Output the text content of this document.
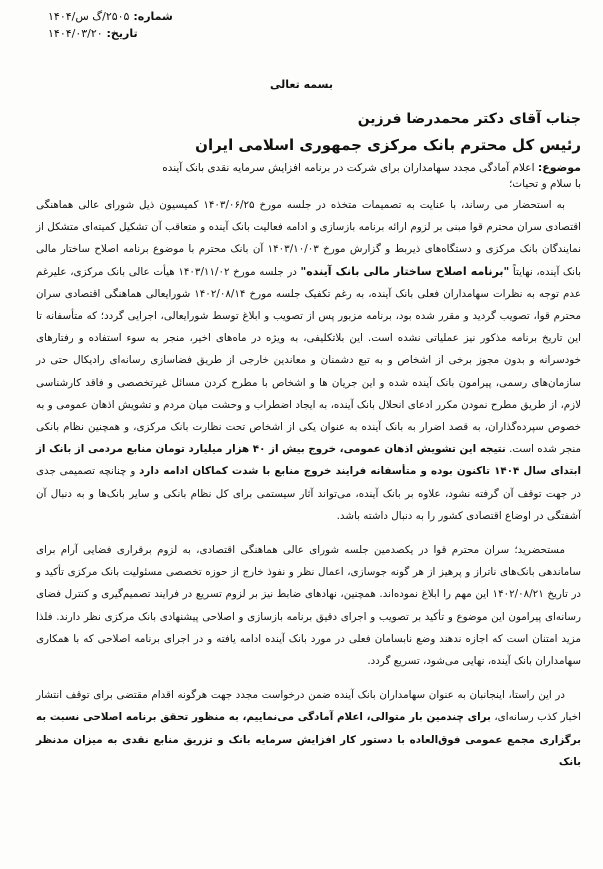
شماره: ۲۵۰۵/گ س/۱۴۰۴
تاریخ: ۱۴۰۴/۰۳/۲۰
بسمه تعالی
جناب آقای دکتر محمدرضا فرزین
رئیس کل محترم بانک مرکزی جمهوری اسلامی ایران
موضوع: اعلام آمادگی مجدد سهامداران برای شرکت در برنامه افزایش سرمایه نقدی بانک آینده
با سلام و تحیات؛

به استحضار می رساند، با عنایت به تصمیمات متخذه در جلسه مورخ ۱۴۰۳/۰۶/۲۵ کمیسیون ذیل شورای عالی هماهنگی اقتصادی سران محترم قوا مبنی بر لزوم ارائه برنامه بازسازی و ادامه فعالیت بانک آینده و متعاقب آن تشکیل کمیته‌ای متشکل از نمایندگان بانک مرکزی و دستگاه‌های ذیربط و گزارش مورخ ۱۴۰۳/۱۰/۰۳ آن بانک محترم با موضوع برنامه اصلاح ساختار مالی بانک آینده، نهایتاً "برنامه اصلاح ساختار مالی بانک آینده" در جلسه مورخ ۱۴۰۳/۱۱/۰۲ هیأت عالی بانک مرکزی، علیرغم عدم توجه به نظرات سهامداران فعلی بانک آینده، به رغم تکفیک جلسه مورخ ۱۴۰۲/۰۸/۱۴ شورایعالی هماهنگی اقتصادی سران محترم قوا، تصویب گردید و مقرر شده بود، برنامه مزبور پس از تصویب و ابلاغ توسط شورایعالی، اجرایی گردد؛ که متأسفانه تا این تاریخ برنامه مذکور نیز عملیاتی نشده است. این بلاتکلیفی، به ویژه در ماه‌های اخیر، منجر به سوء استفاده و رفتارهای خودسرانه و بدون مجوز برخی از اشخاص و به تبع دشمنان و معاندین خارجی از طریق فضاسازی رسانه‌ای رادیکال حتی در سازمان‌های رسمی، پیرامون بانک آینده شده و این جریان ها و اشخاص با مطرح کردن مسائل غیرتخصصی و فاقد کارشناسی لازم، از طریق مطرح نمودن مکرر ادعای انحلال بانک آینده، به ایجاد اضطراب و وحشت میان مردم و تشویش اذهان عمومی و به خصوص سپرده‌گذاران، به قصد اضرار به بانک آینده به عنوان یکی از اشخاص تحت نظارت بانک مرکزی، و همچنین نظام بانکی منجر شده است. نتیجه این تشویش اذهان عمومی، خروج بیش از ۴۰ هزار میلیارد تومان منابع مردمی از بانک از ابتدای سال ۱۴۰۴ تاکنون بوده و متأسفانه فرایند خروج منابع با شدت کماکان ادامه دارد و چنانچه تصمیمی جدی در جهت توقف آن گرفته نشود، علاوه بر بانک آینده، می‌تواند آثار سیستمی برای کل نظام بانکی و سایر بانک‌ها و به دنبال آن آشفتگی در اوضاع اقتصادی کشور را به دنبال داشته باشد.

مستحضرید؛ سران محترم قوا در یکصدمین جلسه شورای عالی هماهنگی اقتصادی، به لزوم برقراری فضایی آرام برای ساماندهی بانک‌های ناتراز و پرهیز از هر گونه جوسازی، اعمال نظر و نفوذ خارج از حوزه تخصصی مسئولیت بانک مرکزی تأکید و در تاریخ ۱۴۰۲/۰۸/۲۱ این مهم را ابلاغ نموده‌اند. همچنین، نهادهای ضابط نیز بر لزوم تسریع در فرایند تصمیم‌گیری و کنترل فضای رسانه‌ای پیرامون این موضوع و تأکید بر تصویب و اجرای دقیق برنامه بازسازی و اصلاحی پیشنهادی بانک مرکزی نظر دارند. فلذا مزید امتنان است که اجازه ندهند وضع نابسامان فعلی در مورد بانک آینده ادامه یافته و در اجرای برنامه اصلاحی که با همکاری سهامداران بانک آینده، نهایی می‌شود، تسریع گردد.

در این راستا، اینجانبان به عنوان سهامداران بانک آینده ضمن درخواست مجدد جهت هرگونه اقدام مقتضی برای توقف انتشار اخبار کذب رسانه‌ای، برای چندمین بار متوالی، اعلام آمادگی می‌نماییم، به منظور تحقق برنامه اصلاحی نسبت به برگزاری مجمع عمومی فوق‌العاده با دستور کار افزایش سرمایه بانک و تزریق منابع نقدی به میزان مدنظر بانک
